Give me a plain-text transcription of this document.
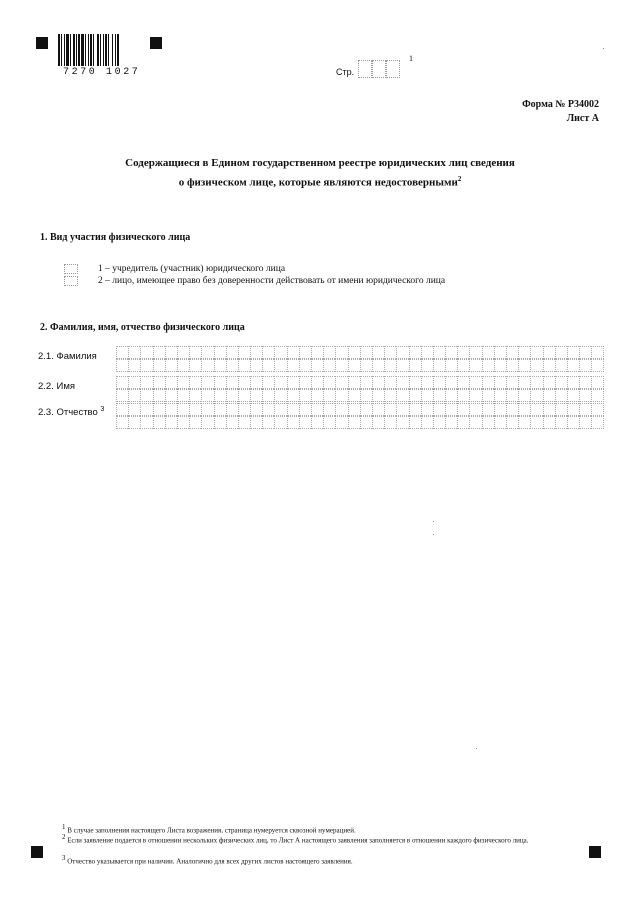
7270 1027	Стр.
1
Форма № Р34002
Лист А
Содержащиеся в Едином государственном реестре юридических лиц сведения
о физическом лице, которые являются недостоверными$^2$
1. Вид участия физического лица
1 – учредитель (участник) юридического лица
2 – лицо, имеющее право без доверенности действовать от имени юридического лица
2. Фамилия, имя, отчество физического лица
2.1. Фамилия
2.2. Имя
2.3. Отчество $^3$
1 В случае заполнения настоящего Листа возражения, страница нумеруется сквозной нумерацией.
2 Если заявление подается в отношении нескольких физических лиц, то Лист А настоящего заявления заполняется в отношении каждого физического лица.
3 Отчество указывается при наличии. Аналогично для всех других листов настоящего заявления.
